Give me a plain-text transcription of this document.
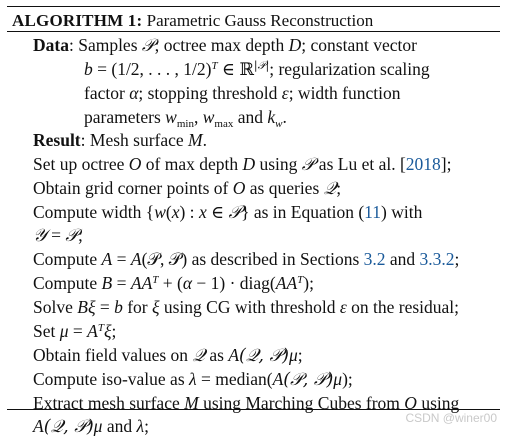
ALGORITHM 1: Parametric Gauss Reconstruction
Data: Samples 𝒫; octree max depth D; constant vector
b = (1/2, . . . , 1/2)$^T$ ∈ ℝ$^{|𝒫|}$; regularization scaling
factor α; stopping threshold ε; width function
parameters $w_{min}$, $w_{max}$ and $k_w$.
Result: Mesh surface M.
Set up octree O of max depth D using 𝒫 as Lu et al. [2018];
Obtain grid corner points of O as queries 𝒬;
Compute width {w(x) : x ∈ 𝒫} as in Equation (11) with
𝒴 = 𝒫;
Compute A = A(𝒫, 𝒫) as described in Sections 3.2 and 3.3.2;
Compute $B = AA^T + (\alpha - 1)$ · $diag(AA^T)$;
Solve Bξ = b for ξ using CG with threshold ε on the residual;
Set $\mu = A^T\xi$;
Obtain field values on 𝒬 as A(𝒬, 𝒫)μ;
Compute iso-value as λ = median(A(𝒫, 𝒫)μ);
Extract mesh surface M using Marching Cubes from O using
A(𝒬, 𝒫)μ and λ;	CSDN @winer00
